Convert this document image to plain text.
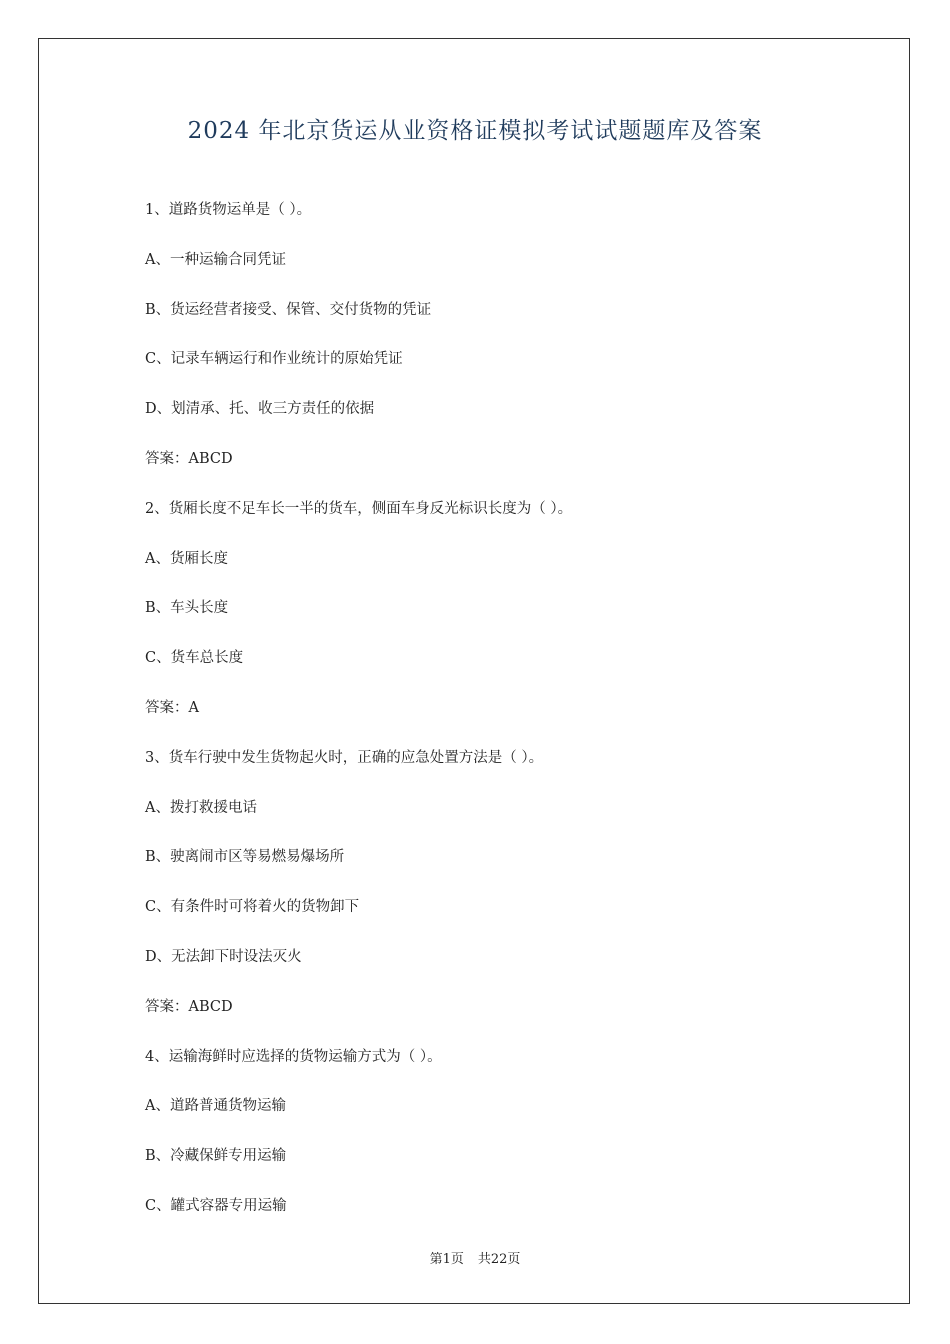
2024 年北京货运从业资格证模拟考试试题题库及答案
1、道路货物运单是（ ）。
A、一种运输合同凭证
B、货运经营者接受、保管、交付货物的凭证
C、记录车辆运行和作业统计的原始凭证
D、划清承、托、收三方责任的依据
答案：ABCD
2、货厢长度不足车长一半的货车，侧面车身反光标识长度为（ ）。
A、货厢长度
B、车头长度
C、货车总长度
答案：A
3、货车行驶中发生货物起火时，正确的应急处置方法是（ ）。
A、拨打救援电话
B、驶离闹市区等易燃易爆场所
C、有条件时可将着火的货物卸下
D、无法卸下时设法灭火
答案：ABCD
4、运输海鲜时应选择的货物运输方式为（ ）。
A、道路普通货物运输
B、冷藏保鲜专用运输
C、罐式容器专用运输
第1页 共22页
